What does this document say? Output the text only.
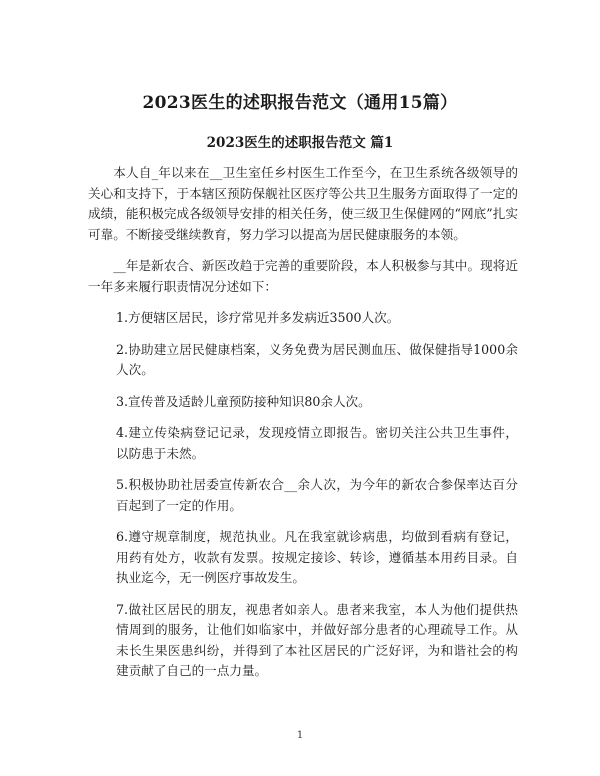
2023医生的述职报告范文（通用15篇）
2023医生的述职报告范文 篇1

本人自_年以来在__卫生室任乡村医生工作至今，在卫生系统各级领导的关心和支持下，于本辖区预防保舰社区医疗等公共卫生服务方面取得了一定的成绩，能积极完成各级领导安排的相关任务，使三级卫生保健网的“网底”扎实可靠。不断接受继续教育，努力学习以提高为居民健康服务的本领。

__年是新农合、新医改趋于完善的重要阶段，本人积极参与其中。现将近一年多来履行职责情况分述如下：

1.方便辖区居民，诊疗常见并多发病近3500人次。

2.协助建立居民健康档案，义务免费为居民测血压、做保健指导1000余人次。

3.宣传普及适龄儿童预防接种知识80余人次。

4.建立传染病登记记录，发现疫情立即报告。密切关注公共卫生事件，以防患于未然。

5.积极协助社居委宣传新农合__余人次，为今年的新农合参保率达百分百起到了一定的作用。

6.遵守规章制度，规范执业。凡在我室就诊病患，均做到看病有登记，用药有处方，收款有发票。按规定接诊、转诊，遵循基本用药目录。自执业迄今，无一例医疗事故发生。

7.做社区居民的朋友，视患者如亲人。患者来我室，本人为他们提供热情周到的服务，让他们如临家中，并做好部分患者的心理疏导工作。从未长生果医患纠纷，并得到了本社区居民的广泛好评，为和谐社会的构建贡献了自己的一点力量。

1
